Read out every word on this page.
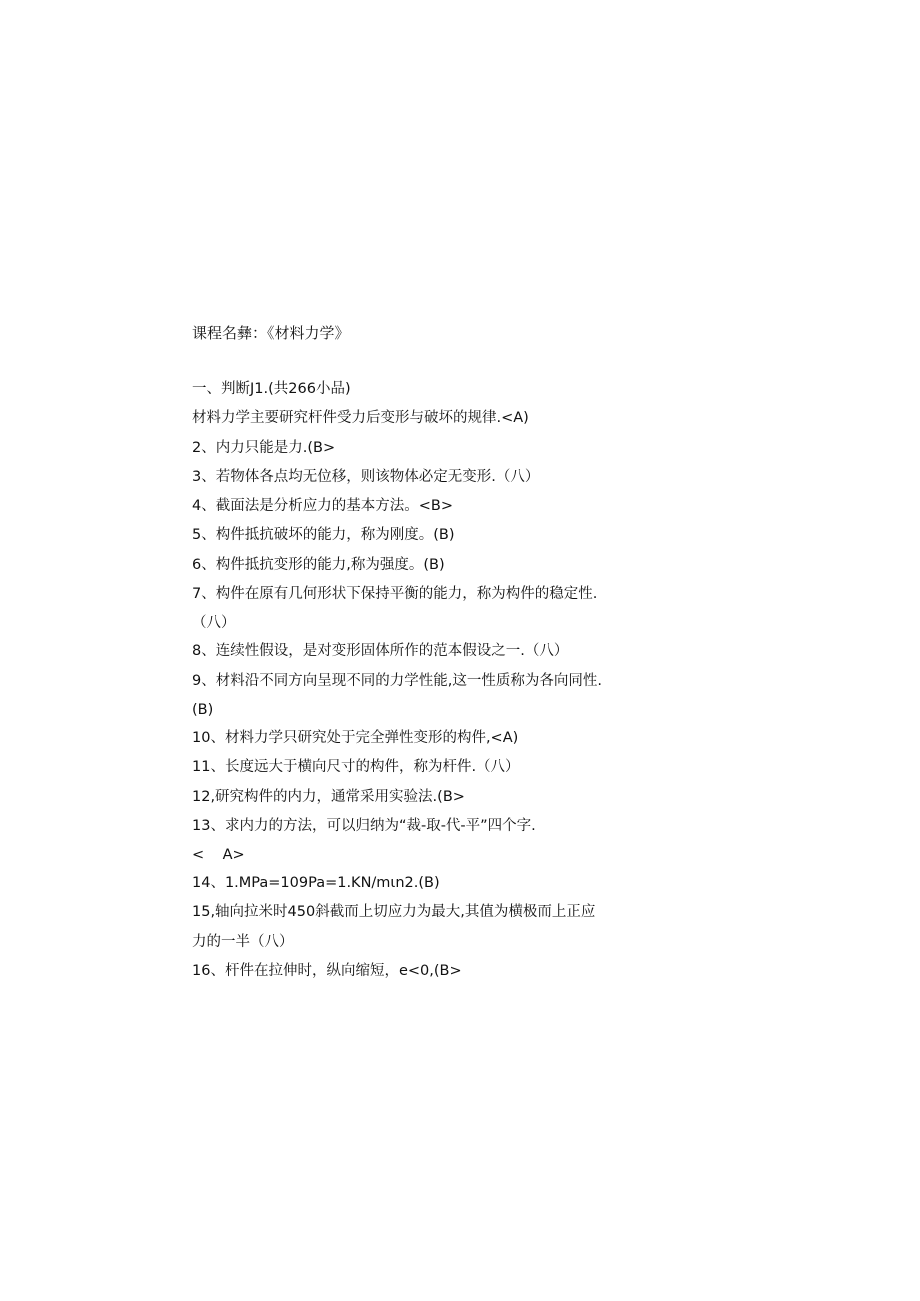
课程名彝：《材料力学》
一、判断J1.(共266小品)
材料力学主要研究杆件受力后变形与破坏的规律.<A)
2、内力只能是力.(B>
3、若物体各点均无位移，则该物体必定无变形.（八）
4、截面法是分析应力的基本方法。<B>
5、构件抵抗破坏的能力，称为刚度。(B)
6、构件抵抗变形的能力,称为强度。(B)
7、构件在原有几何形状下保持平衡的能力，称为构件的稳定性.
（八）
8、连续性假设，是对变形固体所作的范本假设之一.（八）
9、材料沿不同方向呈现不同的力学性能,这一性质称为各向同性.
(B)
10、材料力学只研究处于完全弹性变形的构件,<A)
11、长度远大于横向尺寸的构件，称为杆件.（八）
12,研究构件的内力，通常采用实验法.(B>
13、求内力的方法，可以归纳为“裁-取-代-平”四个字.
<    A>
14、1.MPa=109Pa=1.KN/mιn2.(B)
15,轴向拉米时450斜截而上切应力为最大,其值为横极而上正应
力的一半（八）
16、杆件在拉伸时，纵向缩短，e<0,(B>
